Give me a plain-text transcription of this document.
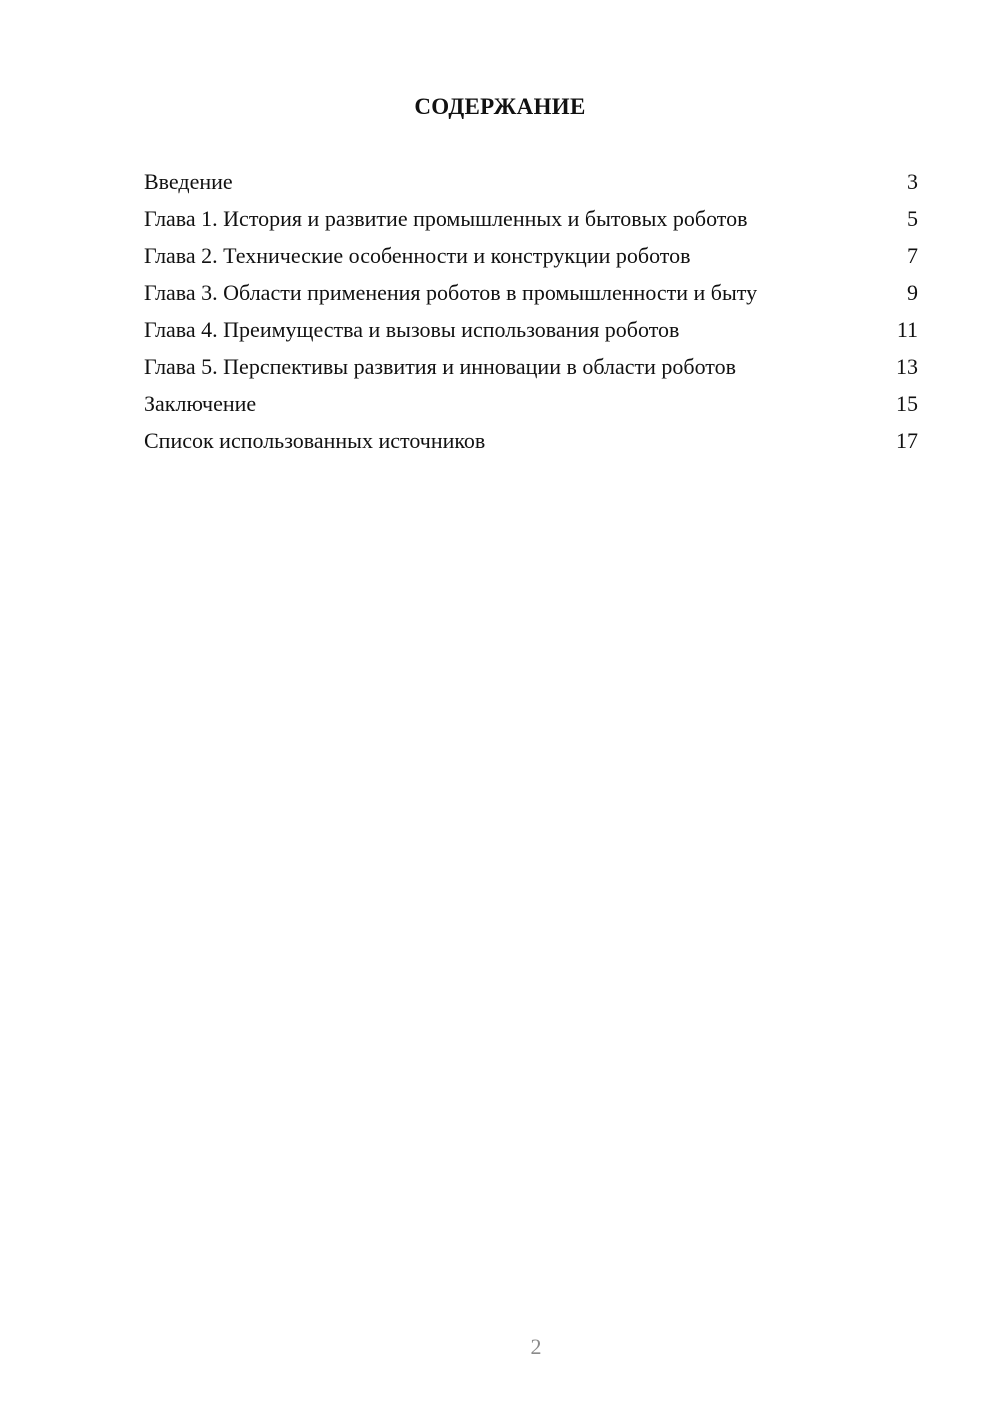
СОДЕРЖАНИЕ
Введение	3
Глава 1. История и развитие промышленных и бытовых роботов	5
Глава 2. Технические особенности и конструкции роботов	7
Глава 3. Области применения роботов в промышленности и быту	9
Глава 4. Преимущества и вызовы использования роботов	11
Глава 5. Перспективы развития и инновации в области роботов	13
Заключение	15
Список использованных источников	17
2
